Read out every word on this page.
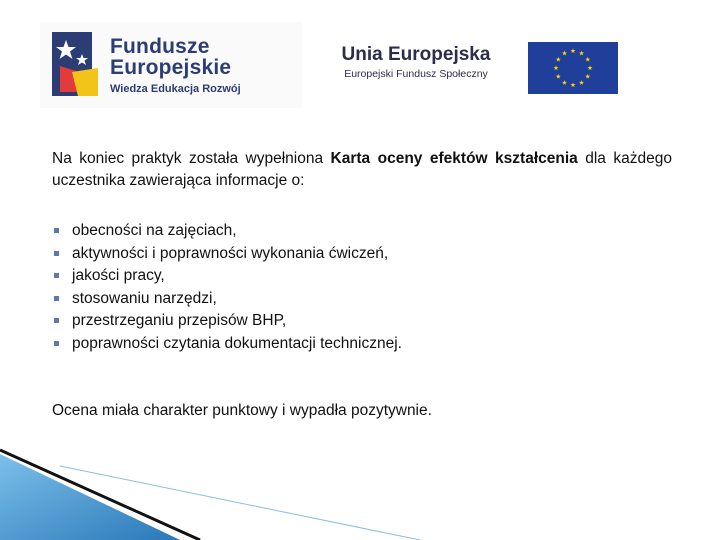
Fundusze
Europejskie
Wiedza Edukacja Rozwój
Unia Europejska
Europejski Fundusz Społeczny

Na koniec praktyk została wypełniona Karta oceny efektów kształcenia dla każdego uczestnika zawierająca informacje o:

obecności na zajęciach,
aktywności i poprawności wykonania ćwiczeń,
jakości pracy,
stosowaniu narzędzi,
przestrzeganiu przepisów BHP,
poprawności czytania dokumentacji technicznej.

Ocena miała charakter punktowy i wypadła pozytywnie.
